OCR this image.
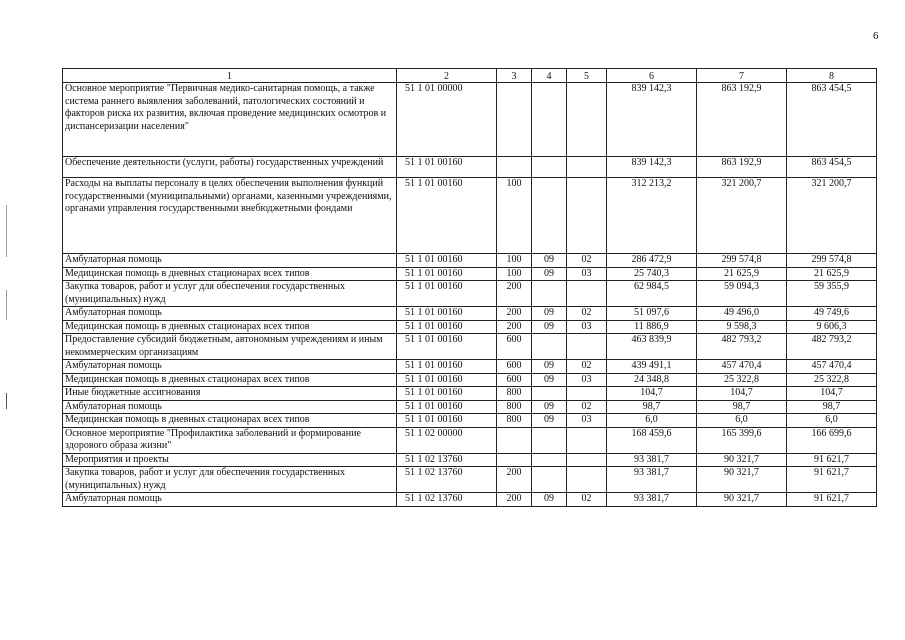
6
1	2	3	4	5	6	7	8
Основное мероприятие "Первичная медико-санитарная помощь, а также система раннего выявления заболеваний, патологических состояний и факторов риска их развития, включая проведение медицинских осмотров и диспансеризации населения"	51 1 01 00000				839 142,3	863 192,9	863 454,5
Обеспечение деятельности (услуги, работы) государственных учреждений	51 1 01 00160				839 142,3	863 192,9	863 454,5
Расходы на выплаты персоналу в целях обеспечения выполнения функций государственными (муниципальными) органами, казенными учреждениями, органами управления государственными внебюджетными фондами	51 1 01 00160	100			312 213,2	321 200,7	321 200,7
Амбулаторная помощь	51 1 01 00160	100	09	02	286 472,9	299 574,8	299 574,8
Медицинская помощь в дневных стационарах всех типов	51 1 01 00160	100	09	03	25 740,3	21 625,9	21 625,9
Закупка товаров, работ и услуг для обеспечения государственных (муниципальных) нужд	51 1 01 00160	200			62 984,5	59 094,3	59 355,9
Амбулаторная помощь	51 1 01 00160	200	09	02	51 097,6	49 496,0	49 749,6
Медицинская помощь в дневных стационарах всех типов	51 1 01 00160	200	09	03	11 886,9	9 598,3	9 606,3
Предоставление субсидий бюджетным, автономным учреждениям и иным некоммерческим организациям	51 1 01 00160	600			463 839,9	482 793,2	482 793,2
Амбулаторная помощь	51 1 01 00160	600	09	02	439 491,1	457 470,4	457 470,4
Медицинская помощь в дневных стационарах всех типов	51 1 01 00160	600	09	03	24 348,8	25 322,8	25 322,8
Иные бюджетные ассигнования	51 1 01 00160	800			104,7	104,7	104,7
Амбулаторная помощь	51 1 01 00160	800	09	02	98,7	98,7	98,7
Медицинская помощь в дневных стационарах всех типов	51 1 01 00160	800	09	03	6,0	6,0	6,0
Основное мероприятие "Профилактика заболеваний и формирование здорового образа жизни"	51 1 02 00000				168 459,6	165 399,6	166 699,6
Мероприятия и проекты	51 1 02 13760				93 381,7	90 321,7	91 621,7
Закупка товаров, работ и услуг для обеспечения государственных (муниципальных) нужд	51 1 02 13760	200			93 381,7	90 321,7	91 621,7
Амбулаторная помощь	51 1 02 13760	200	09	02	93 381,7	90 321,7	91 621,7
